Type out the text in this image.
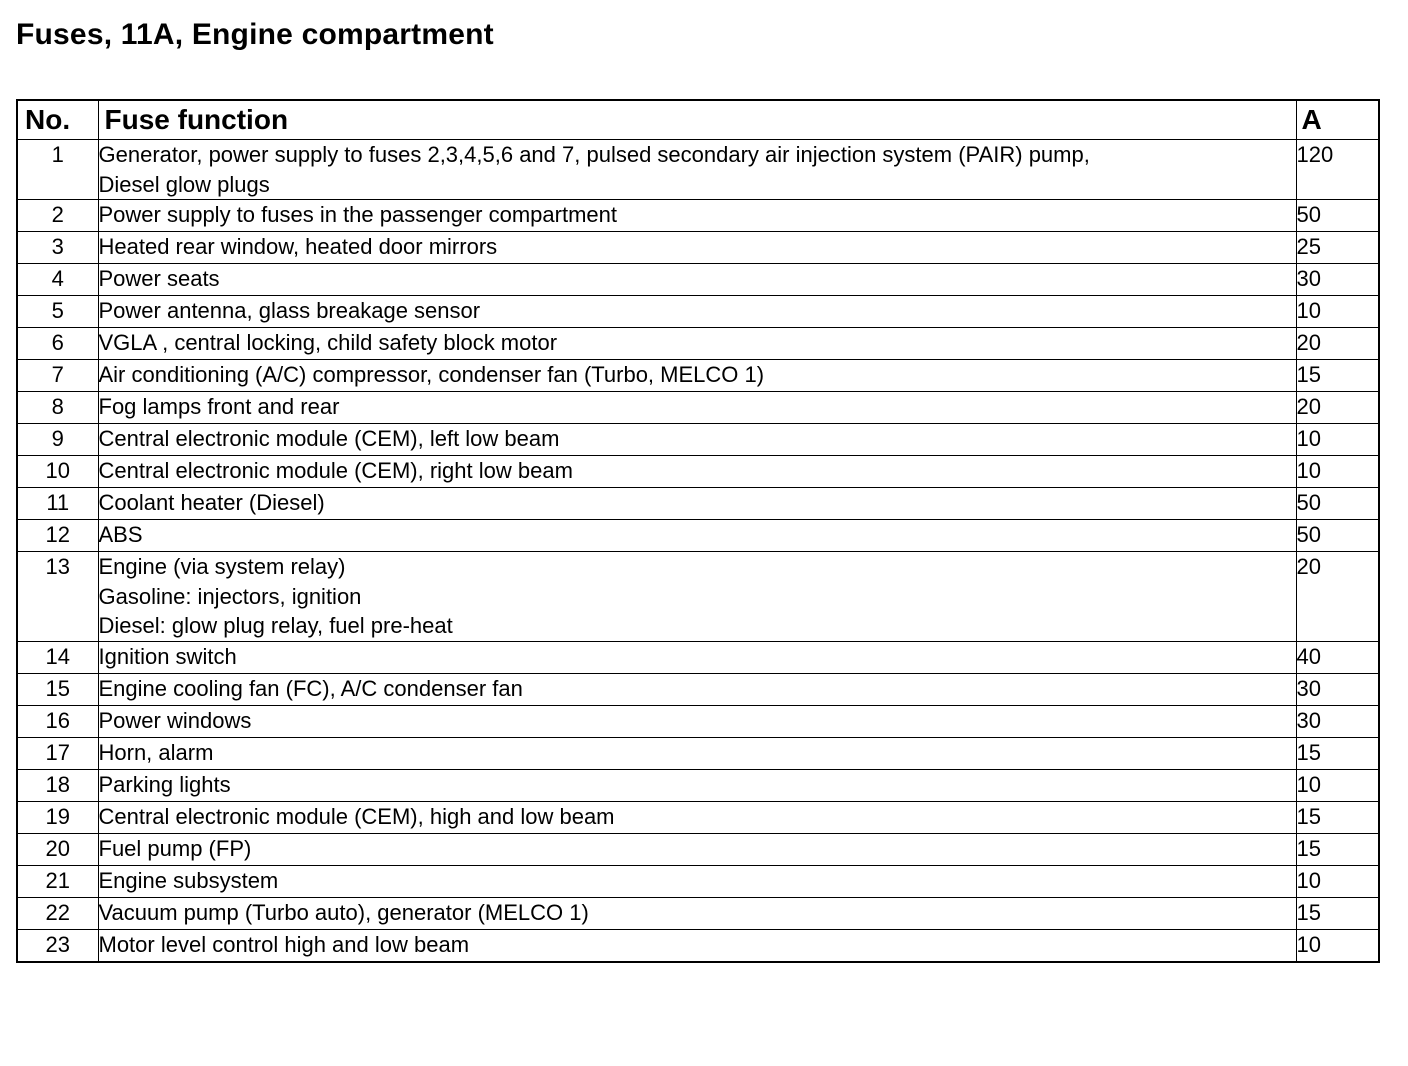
Fuses, 11A, Engine compartment
No.	Fuse function	A
1	Generator, power supply to fuses 2,3,4,5,6 and 7, pulsed secondary air injection system (PAIR) pump,
Diesel glow plugs	120
2	Power supply to fuses in the passenger compartment	50
3	Heated rear window, heated door mirrors	25
4	Power seats	30
5	Power antenna, glass breakage sensor	10
6	VGLA , central locking, child safety block motor	20
7	Air conditioning (A/C) compressor, condenser fan (Turbo, MELCO 1)	15
8	Fog lamps front and rear	20
9	Central electronic module (CEM), left low beam	10
10	Central electronic module (CEM), right low beam	10
11	Coolant heater (Diesel)	50
12	ABS	50
13	Engine (via system relay)
Gasoline: injectors, ignition
Diesel: glow plug relay, fuel pre-heat	20
14	Ignition switch	40
15	Engine cooling fan (FC), A/C condenser fan	30
16	Power windows	30
17	Horn, alarm	15
18	Parking lights	10
19	Central electronic module (CEM), high and low beam	15
20	Fuel pump (FP)	15
21	Engine subsystem	10
22	Vacuum pump (Turbo auto), generator (MELCO 1)	15
23	Motor level control high and low beam	10
